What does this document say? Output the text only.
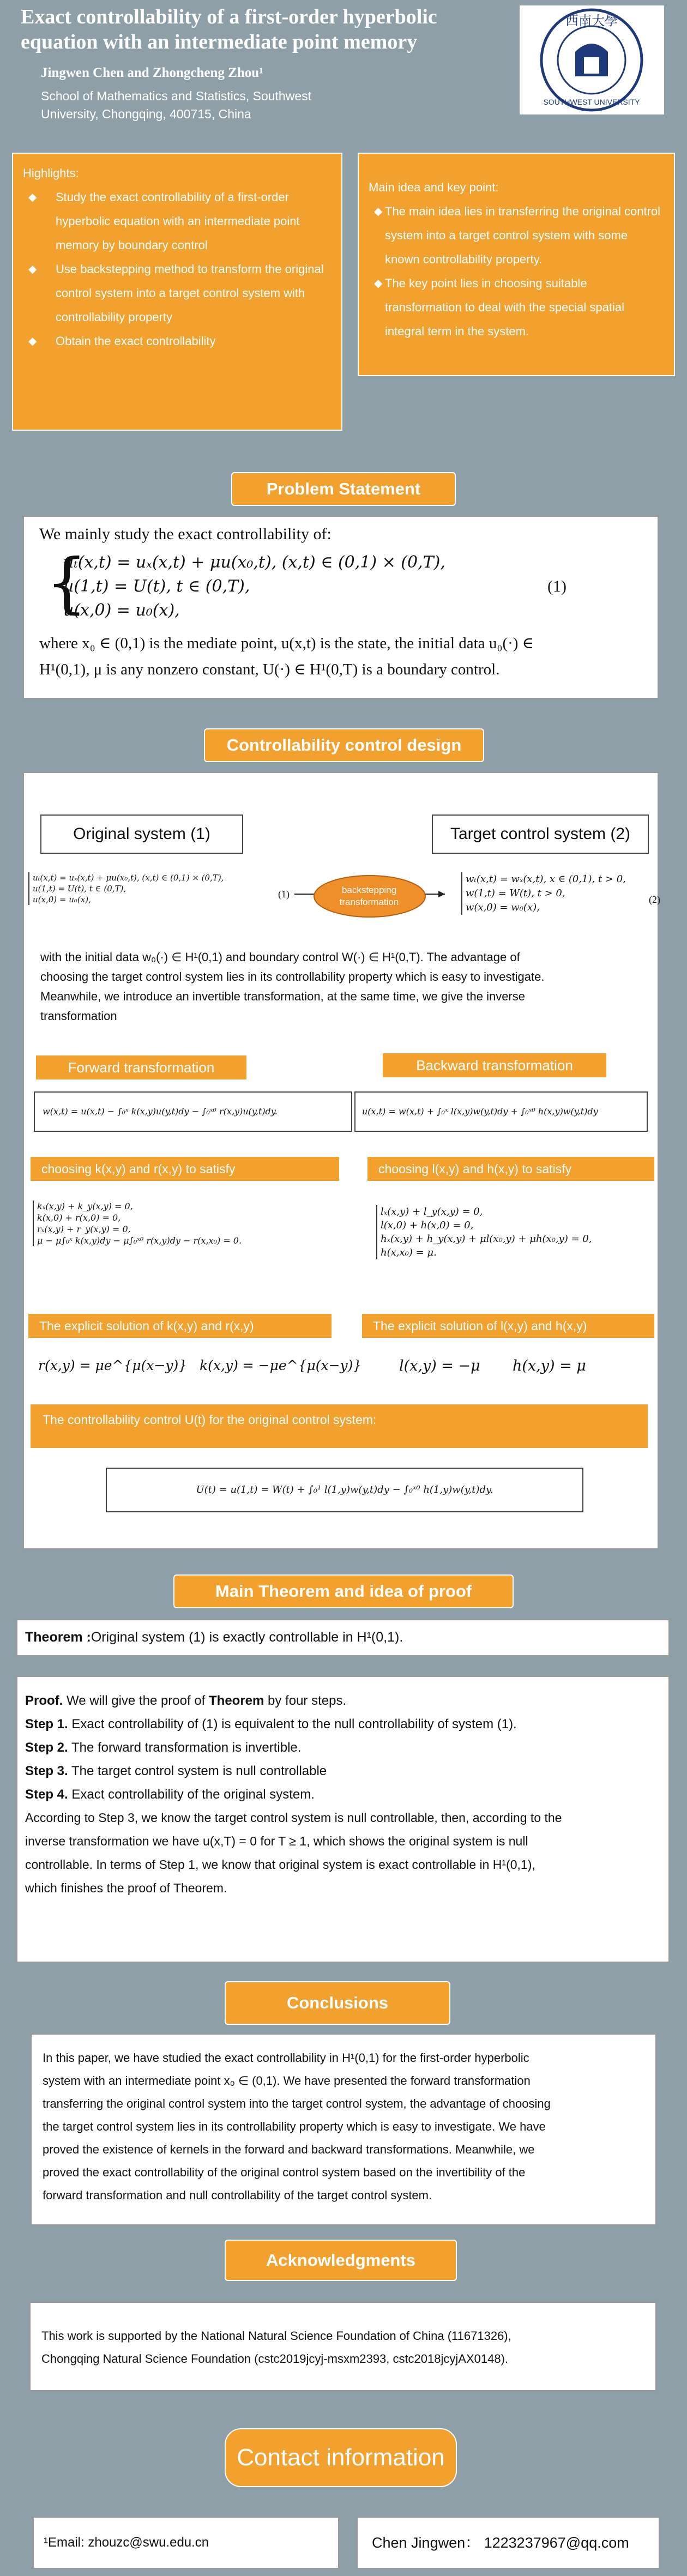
Exact controllability of a first-order hyperbolic equation with an intermediate point memory
Jingwen Chen and Zhongcheng Zhou¹
School of Mathematics and Statistics, Southwest University, Chongqing, 400715, China
西南大學
SOUTHWEST UNIVERSITY
Highlights:
◆ Study the exact controllability of a first-order hyperbolic equation with an intermediate point memory by boundary control
◆ Use backstepping method to transform the original control system into a target control system with controllability property
◆ Obtain the exact controllability
Main idea and key point:
◆ The main idea lies in transferring the original control system into a target control system with some known controllability property.
◆ The key point lies in choosing suitable transformation to deal with the special spatial integral term in the system.
Problem Statement
We mainly study the exact controllability of:
{
uₜ(x,t) = uₓ(x,t) + μu(x₀,t), (x,t) ∈ (0,1) × (0,T),
u(1,t) = U(t), t ∈ (0,T),
u(x,0) = u₀(x),
(1)
where x₀ ∈ (0,1) is the mediate point, u(x,t) is the state, the initial data u₀(·) ∈
H¹(0,1), μ is any nonzero constant, U(·) ∈ H¹(0,T) is a boundary control.
Controllability control design
Original system (1)	Target control system (2)
uₜ(x,t) = uₓ(x,t) + μu(x₀,t), (x,t) ∈ (0,1) × (0,T),
u(1,t) = U(t), t ∈ (0,T),
u(x,0) = u₀(x),	(1)	backstepping transformation
wₜ(x,t) = wₓ(x,t), x ∈ (0,1), t > 0,
w(1,t) = W(t), t > 0,
w(x,0) = w₀(x),
(2)
with the initial data w₀(·) ∈ H¹(0,1) and boundary control W(·) ∈ H¹(0,T). The advantage of
choosing the target control system lies in its controllability property which is easy to investigate.
Meanwhile, we introduce an invertible transformation, at the same time, we give the inverse
transformation
Forward transformation	Backward transformation
w(x,t) = u(x,t) − ∫₀ˣ k(x,y)u(y,t)dy − ∫₀ˣ⁰ r(x,y)u(y,t)dy.	u(x,t) = w(x,t) + ∫₀ˣ l(x,y)w(y,t)dy + ∫₀ˣ⁰ h(x,y)w(y,t)dy
choosing k(x,y) and r(x,y) to satisfy	choosing l(x,y) and h(x,y) to satisfy
kₓ(x,y) + k_y(x,y) = 0,
k(x,0) + r(x,0) = 0,
rₓ(x,y) + r_y(x,y) = 0,
μ − μ∫₀ˣ k(x,y)dy − μ∫₀ˣ⁰ r(x,y)dy − r(x,x₀) = 0.
lₓ(x,y) + l_y(x,y) = 0,
l(x,0) + h(x,0) = 0,
hₓ(x,y) + h_y(x,y) + μl(x₀,y) + μh(x₀,y) = 0,
h(x,x₀) = μ.
The explicit solution of k(x,y) and r(x,y)	The explicit solution of l(x,y) and h(x,y)
r(x,y) = μe^{μ(x−y)} k(x,y) = −μe^{μ(x−y)}	l(x,y) = −μ h(x,y) = μ
The controllability control U(t) for the original control system:
U(t) = u(1,t) = W(t) + ∫₀¹ l(1,y)w(y,t)dy − ∫₀ˣ⁰ h(1,y)w(y,t)dy.
Main Theorem and idea of proof
Theorem :Original system (1) is exactly controllable in H¹(0,1).
Proof. We will give the proof of Theorem by four steps.
Step 1. Exact controllability of (1) is equivalent to the null controllability of system (1).
Step 2. The forward transformation is invertible.
Step 3. The target control system is null controllable
Step 4. Exact controllability of the original system.
According to Step 3, we know the target control system is null controllable, then, according to the
inverse transformation we have u(x,T) = 0 for T ≥ 1, which shows the original system is null
controllable. In terms of Step 1, we know that original system is exact controllable in H¹(0,1),
which finishes the proof of Theorem.
Conclusions
In this paper, we have studied the exact controllability in H¹(0,1) for the first-order hyperbolic
system with an intermediate point x₀ ∈ (0,1). We have presented the forward transformation
transferring the original control system into the target control system, the advantage of choosing
the target control system lies in its controllability property which is easy to investigate. We have
proved the existence of kernels in the forward and backward transformations. Meanwhile, we
proved the exact controllability of the original control system based on the invertibility of the
forward transformation and null controllability of the target control system.
Acknowledgments
This work is supported by the National Natural Science Foundation of China (11671326),
Chongqing Natural Science Foundation (cstc2019jcyj-msxm2393, cstc2018jcyjAX0148).
Contact information
¹Email: zhouzc@swu.edu.cn	Chen Jingwen： 1223237967@qq.com
